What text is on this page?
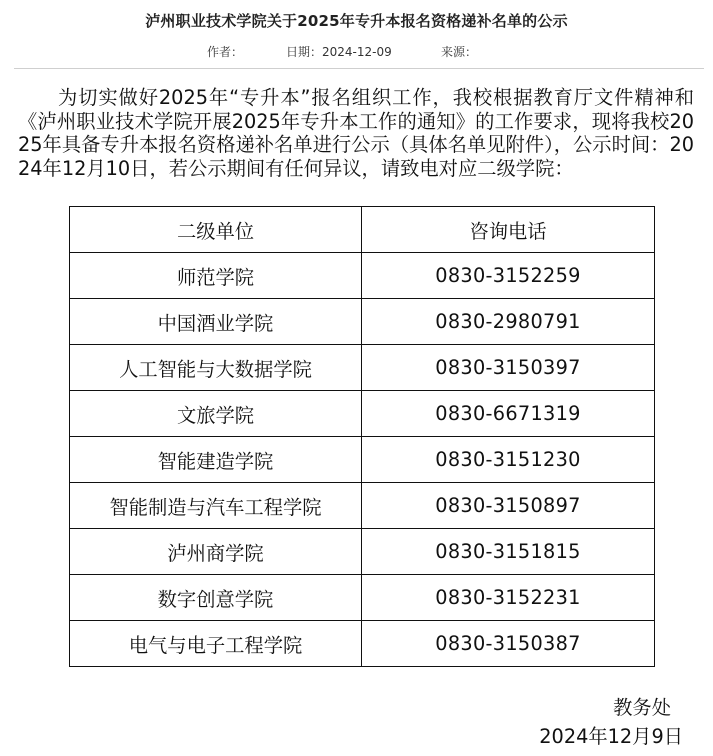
泸州职业技术学院关于2025年专升本报名资格递补名单的公示
作者：	日期：2024-12-09	来源：
为切实做好2025年“专升本”报名组织工作，我校根据教育厅文件精神和《泸州职业技术学院开展2025年专升本工作的通知》的工作要求，现将我校2025年具备专升本报名资格递补名单进行公示（具体名单见附件），公示时间：2024年12月10日，若公示期间有任何异议，请致电对应二级学院：
二级单位	咨询电话
师范学院	0830-3152259
中国酒业学院	0830-2980791
人工智能与大数据学院	0830-3150397
文旅学院	0830-6671319
智能建造学院	0830-3151230
智能制造与汽车工程学院	0830-3150897
泸州商学院	0830-3151815
数字创意学院	0830-3152231
电气与电子工程学院	0830-3150387
教务处
2024年12月9日
